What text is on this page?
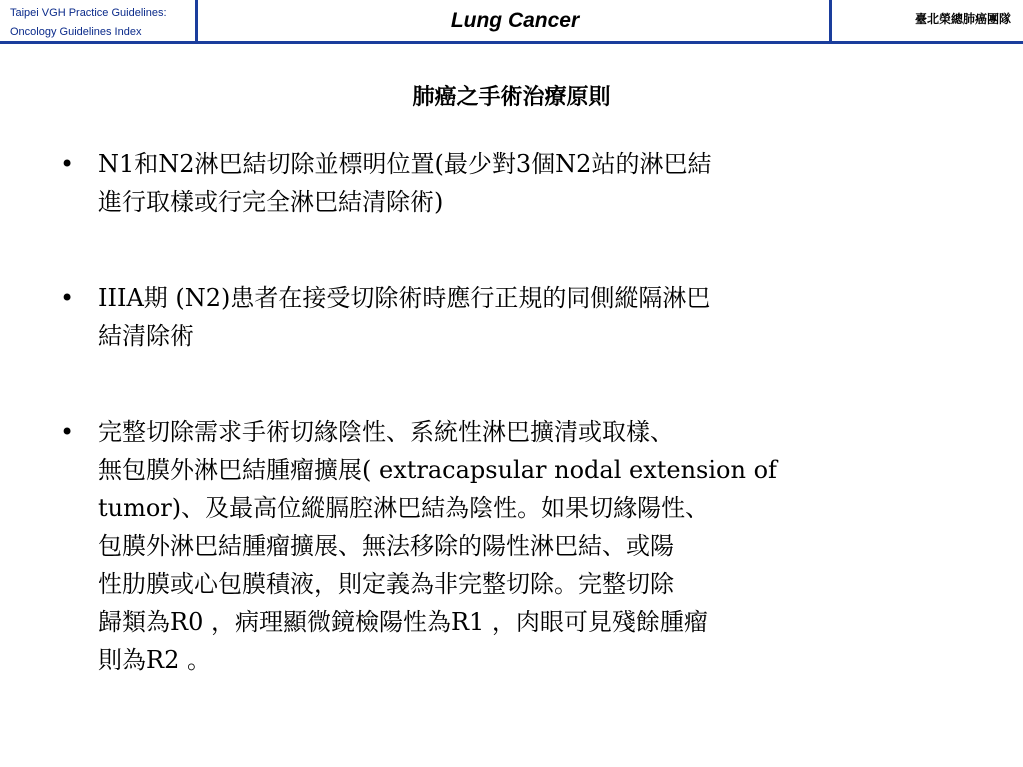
Taipei VGH Practice Guidelines:
Oncology Guidelines Index	Lung Cancer	臺北榮總肺癌團隊
肺癌之手術治療原則
• N1和N2淋巴結切除並標明位置(最少對3個N2站的淋巴結
進行取樣或行完全淋巴結清除術)
• IIIA期 (N2)患者在接受切除術時應行正規的同側縱隔淋巴
結清除術
• 完整切除需求手術切緣陰性、系統性淋巴擴清或取樣、
無包膜外淋巴結腫瘤擴展( extracapsular nodal extension of
tumor)、及最高位縱膈腔淋巴結為陰性。如果切緣陽性、
包膜外淋巴結腫瘤擴展、無法移除的陽性淋巴結、或陽
性肋膜或心包膜積液，則定義為非完整切除。完整切除
歸類為R0 ，病理顯微鏡檢陽性為R1 ，肉眼可見殘餘腫瘤
則為R2 。
